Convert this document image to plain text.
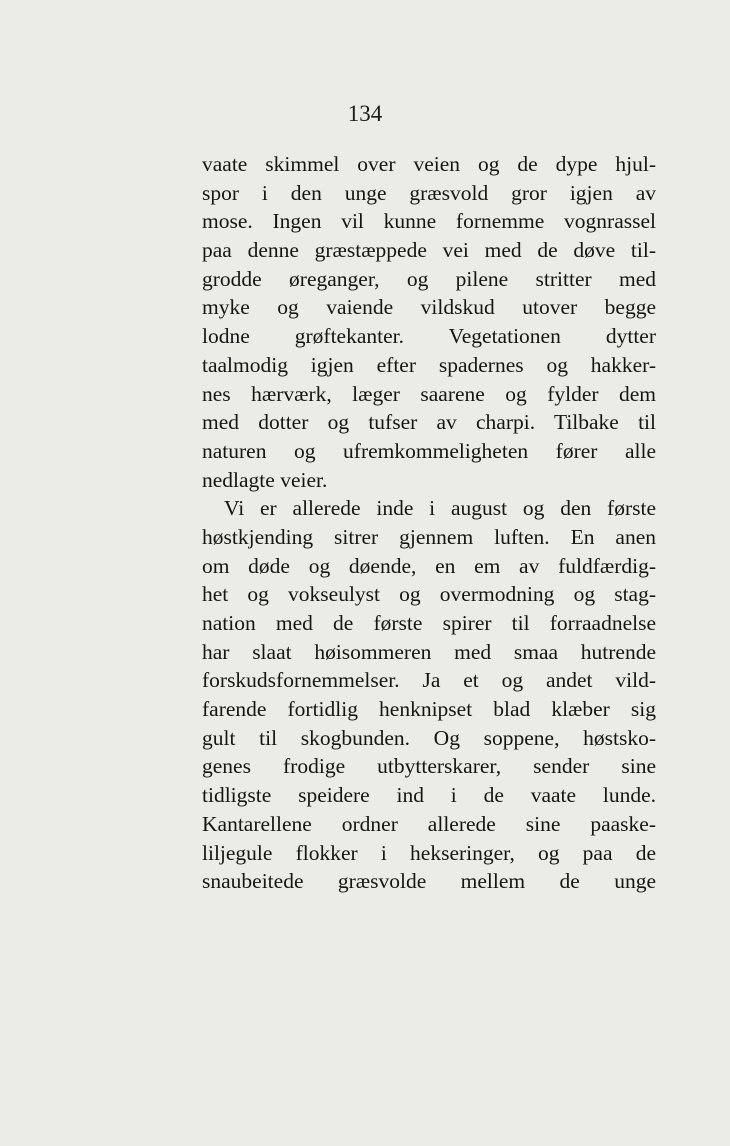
134
vaate skimmel over veien og de dype hjul-
spor i den unge græsvold gror igjen av
mose. Ingen vil kunne fornemme vognrassel
paa denne græstæppede vei med de døve til-
grodde øreganger, og pilene stritter med
myke og vaiende vildskud utover begge
lodne grøftekanter. Vegetationen dytter
taalmodig igjen efter spadernes og hakker-
nes hærværk, læger saarene og fylder dem
med dotter og tufser av charpi. Tilbake til
naturen og ufremkommeligheten fører alle
nedlagte veier.
Vi er allerede inde i august og den første
høstkjending sitrer gjennem luften. En anen
om døde og døende, en em av fuldfærdig-
het og vokseulyst og overmodning og stag-
nation med de første spirer til forraadnelse
har slaat høisommeren med smaa hutrende
forskudsfornemmelser. Ja et og andet vild-
farende fortidlig henknipset blad klæber sig
gult til skogbunden. Og soppene, høstsko-
genes frodige utbytterskarer, sender sine
tidligste speidere ind i de vaate lunde.
Kantarellene ordner allerede sine paaske-
liljegule flokker i hekseringer, og paa de
snaubeitede græsvolde mellem de unge
